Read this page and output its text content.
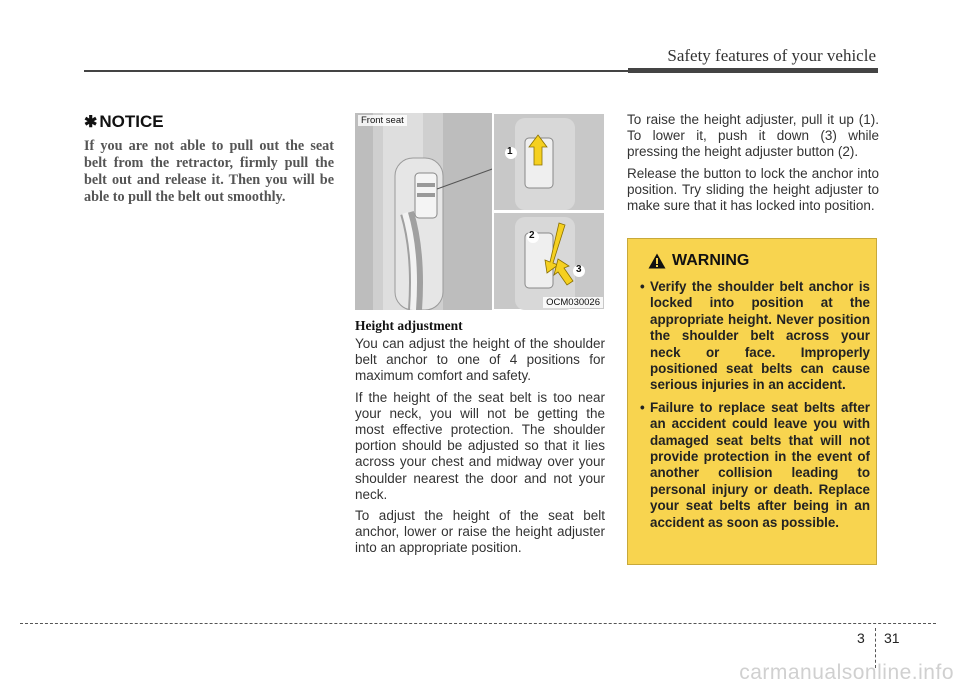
Safety features of your vehicle
✱ NOTICE
If you are not able to pull out the seat belt from the retractor, firmly pull the belt out and release it. Then you will be able to pull the belt out smoothly.
Front seat
1
2
3
OCM030026
Height adjustment

You can adjust the height of the shoulder belt anchor to one of 4 positions for maximum comfort and safety.

If the height of the seat belt is too near your neck, you will not be getting the most effective protection. The shoulder portion should be adjusted so that it lies across your chest and midway over your shoulder nearest the door and not your neck.

To adjust the height of the seat belt anchor, lower or raise the height adjuster into an appropriate position.

To raise the height adjuster, pull it up (1). To lower it, push it down (3) while pressing the height adjuster button (2).

Release the button to lock the anchor into position. Try sliding the height adjuster to make sure that it has locked into position.

WARNING
• Verify the shoulder belt anchor is locked into position at the appropriate height. Never position the shoulder belt across your neck or face. Improperly positioned seat belts can cause serious injuries in an accident.
• Failure to replace seat belts after an accident could leave you with damaged seat belts that will not provide protection in the event of another collision leading to personal injury or death. Replace your seat belts after being in an accident as soon as possible.
3 31
carmanualsonline.info
